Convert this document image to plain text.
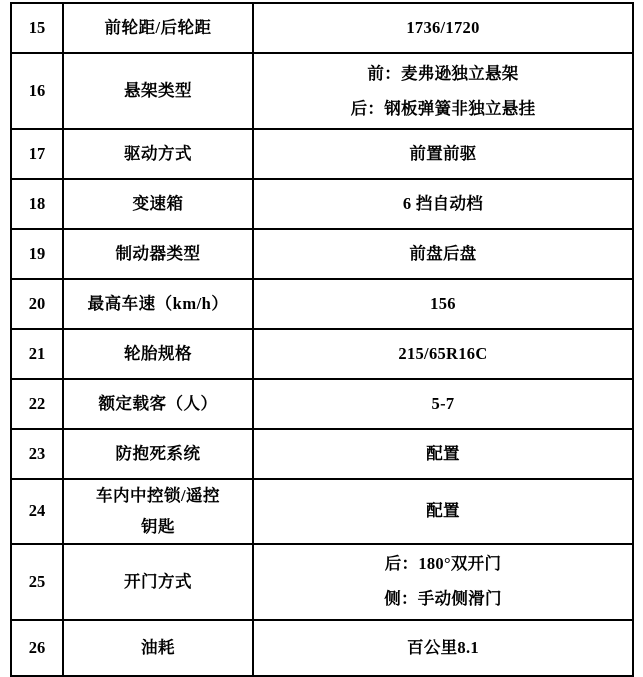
15	前轮距/后轮距	1736/1720

16	悬架类型	前：麦弗逊独立悬架
后：钢板弹簧非独立悬挂

17	驱动方式	前置前驱

18	变速箱	6 挡自动档

19	制动器类型	前盘后盘

20	最高车速（km/h）	156

21	轮胎规格	215/65R16C

22	额定载客（人）	5-7

23	防抱死系统	配置

24	车内中控锁/遥控
钥匙	配置

25	开门方式	后：180°双开门
侧：手动侧滑门

26	油耗	百公里8.1
